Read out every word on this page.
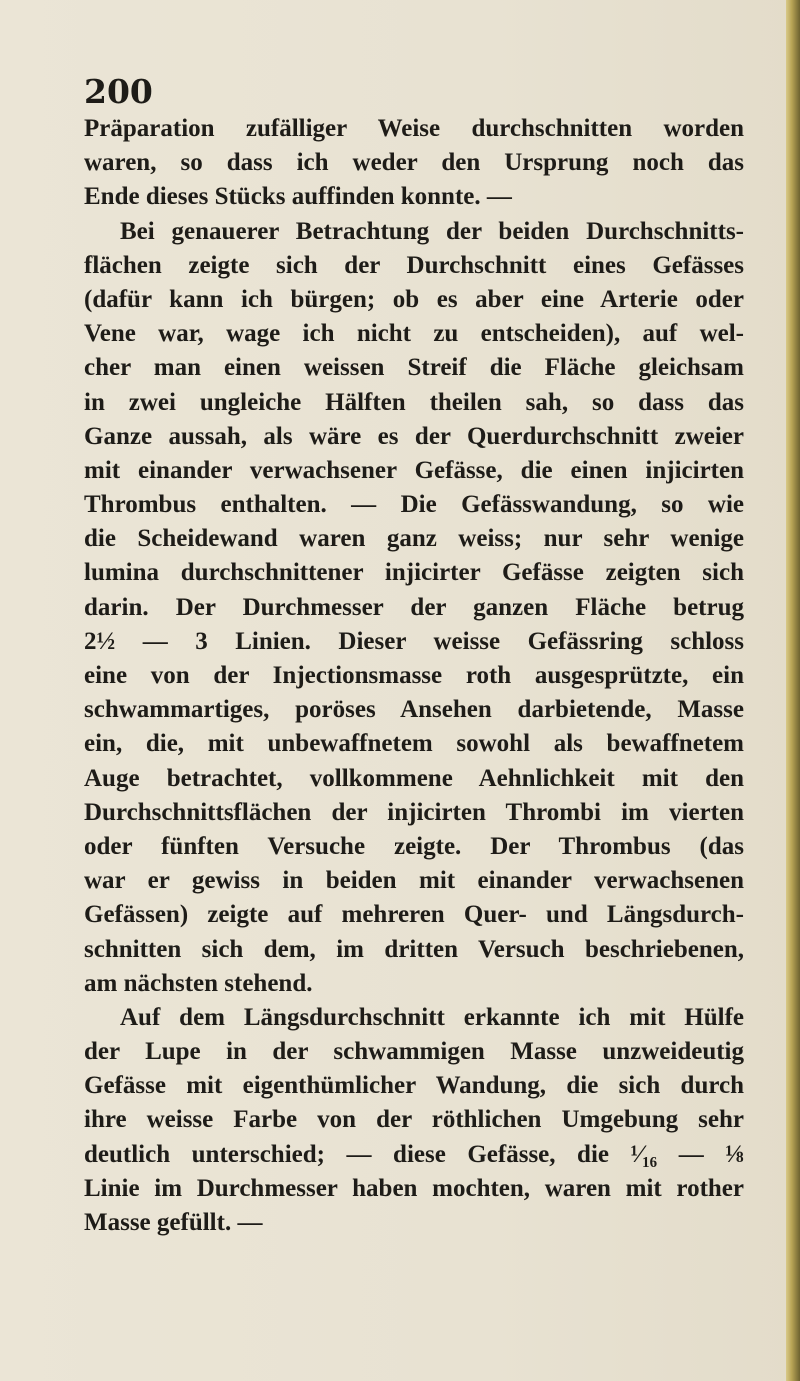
200
Präparation zufälliger Weise durchschnitten worden
waren, so dass ich weder den Ursprung noch das
Ende dieses Stücks auffinden konnte. —
Bei genauerer Betrachtung der beiden Durchschnitts-
flächen zeigte sich der Durchschnitt eines Gefässes
(dafür kann ich bürgen; ob es aber eine Arterie oder
Vene war, wage ich nicht zu entscheiden), auf wel-
cher man einen weissen Streif die Fläche gleichsam
in zwei ungleiche Hälften theilen sah, so dass das
Ganze aussah, als wäre es der Querdurchschnitt zweier
mit einander verwachsener Gefässe, die einen injicirten
Thrombus enthalten. — Die Gefässwandung, so wie
die Scheidewand waren ganz weiss; nur sehr wenige
lumina durchschnittener injicirter Gefässe zeigten sich
darin. Der Durchmesser der ganzen Fläche betrug
2½ — 3 Linien. Dieser weisse Gefässring schloss
eine von der Injectionsmasse roth ausgesprützte, ein
schwammartiges, poröses Ansehen darbietende, Masse
ein, die, mit unbewaffnetem sowohl als bewaffnetem
Auge betrachtet, vollkommene Aehnlichkeit mit den
Durchschnittsflächen der injicirten Thrombi im vierten
oder fünften Versuche zeigte. Der Thrombus (das
war er gewiss in beiden mit einander verwachsenen
Gefässen) zeigte auf mehreren Quer- und Längsdurch-
schnitten sich dem, im dritten Versuch beschriebenen,
am nächsten stehend.
Auf dem Längsdurchschnitt erkannte ich mit Hülfe
der Lupe in der schwammigen Masse unzweideutig
Gefässe mit eigenthümlicher Wandung, die sich durch
ihre weisse Farbe von der röthlichen Umgebung sehr
deutlich unterschied; — diese Gefässe, die ¹⁄₁₆ — ⅛
Linie im Durchmesser haben mochten, waren mit rother
Masse gefüllt. —
